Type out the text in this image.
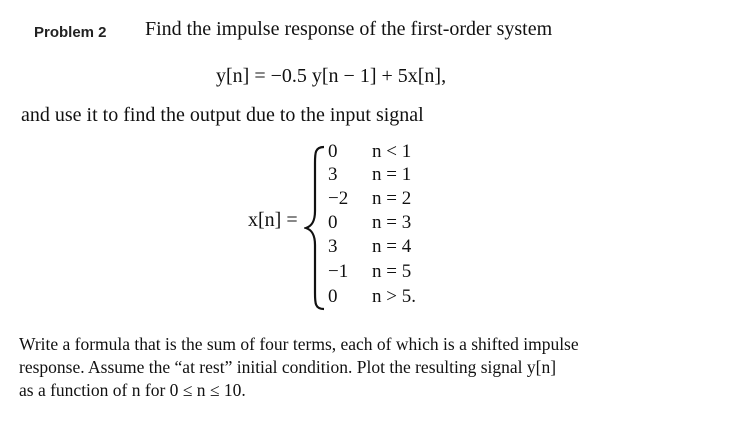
Problem 2 Find the impulse response of the first-order system
y[n] = −0.5 y[n − 1] + 5x[n],
and use it to find the output due to the input signal
x[n] =
0 n < 1
3 n = 1
−2 n = 2
0 n = 3
3 n = 4
−1 n = 5
0 n > 5.
Write a formula that is the sum of four terms, each of which is a shifted impulse
response. Assume the “at rest” initial condition. Plot the resulting signal y[n]
as a function of n for 0 ≤ n ≤ 10.
